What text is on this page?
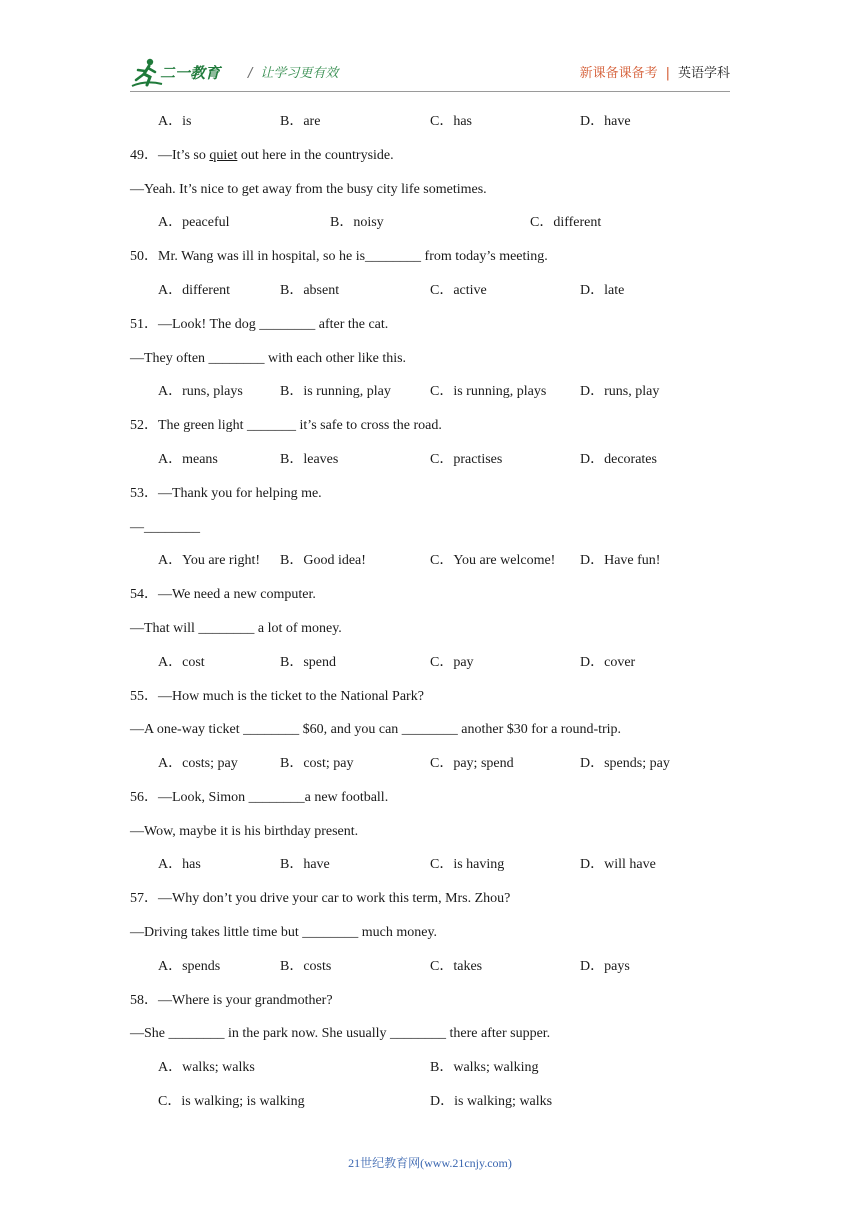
二一教育 / 让学习更有效	新课备课备考 | 英语学科
A．is	B．are	C．has	D．have
49．—It’s so quiet out here in the countryside.
—Yeah. It’s nice to get away from the busy city life sometimes.
A．peaceful	B．noisy	C．different
50．Mr. Wang was ill in hospital, so he is________ from today’s meeting.
A．different	B．absent	C．active	D．late
51．—Look! The dog ________ after the cat.
—They often ________ with each other like this.
A．runs, plays	B．is running, play	C．is running, plays D．runs, play
52．The green light _______ it’s safe to cross the road.
A．means	B．leaves	C．practises	D．decorates
53．—Thank you for helping me.
—________
A．You are right! B．Good idea!	C．You are welcome! D．Have fun!
54．—We need a new computer.
—That will ________ a lot of money.
A．cost	B．spend	C．pay	D．cover
55．—How much is the ticket to the National Park?
—A one-way ticket ________ $60, and you can ________ another $30 for a round-trip.
A．costs; pay	B．cost; pay	C．pay; spend	D．spends; pay
56．—Look, Simon ________a new football.
—Wow, maybe it is his birthday present.
A．has	B．have	C．is having	D．will have
57．—Why don’t you drive your car to work this term, Mrs. Zhou?
—Driving takes little time but ________ much money.
A．spends	B．costs	C．takes	D．pays
58．—Where is your grandmother?
—She ________ in the park now. She usually ________ there after supper.
A．walks; walks	B．walks; walking
C．is walking; is walking	D．is walking; walks
21世纪教育网(www.21cnjy.com)
